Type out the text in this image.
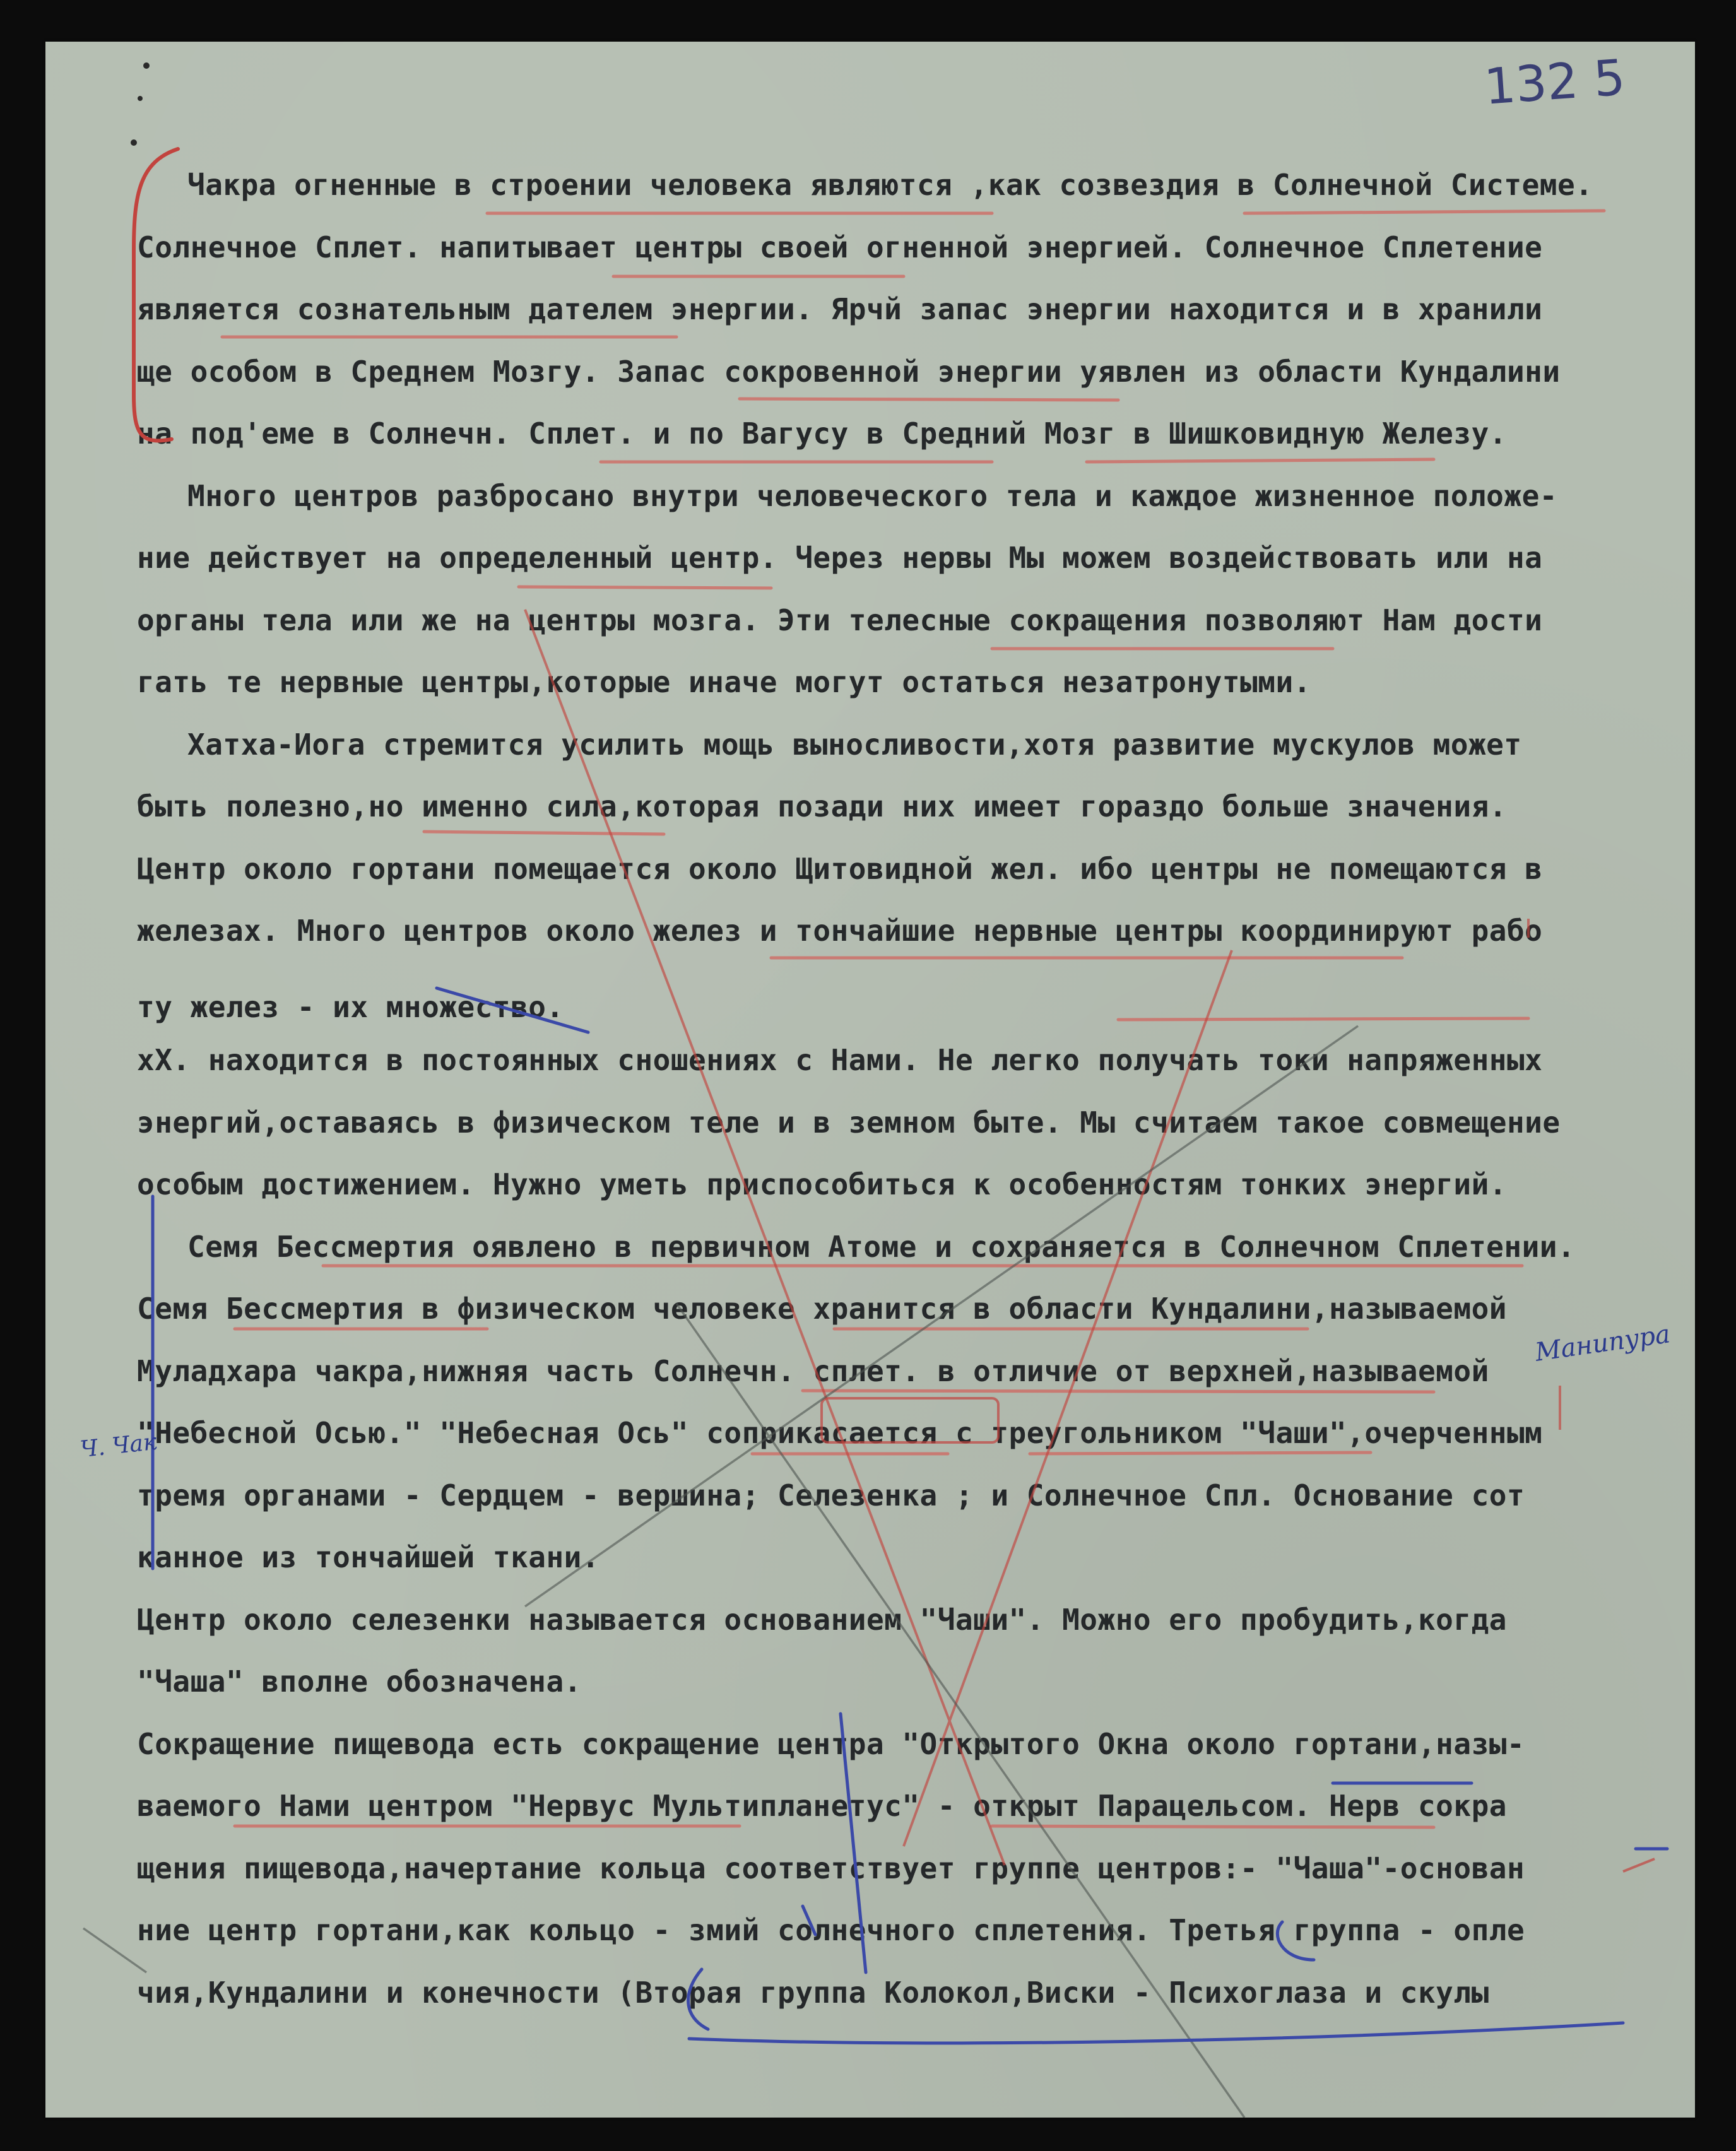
132 5

Чакра огненные в строении человека являются ,как созвездия в Солнечной Системе.

Солнечное Сплет. напитывает центры своей огненной энергией. Солнечное Сплетение

является сознательным дателем энергии. Ярчй запас энергии находится и в хранили

ще особом в Среднем Мозгу. Запас сокровенной энергии уявлен из области Кундалини

на под'еме в Солнечн. Сплет. и по Вагусу в Средний Мозг в Шишковидную Железу.

Много центров разбросано внутри человеческого тела и каждое жизненное положе-

ние действует на определенный центр. Через нервы Мы можем воздействовать или на

органы тела или же на центры мозга. Эти телесные сокращения позволяют Нам дости

гать те нервные центры,которые иначе могут остаться незатронутыми.

Хатха-Иога стремится усилить мощь выносливости,хотя развитие мускулов может

быть полезно,но именно сила,которая позади них имеет гораздо больше значения.

Центр около гортани помещается около Щитовидной жел. ибо центры не помещаются в

железах. Много центров около желез и тончайшие нервные центры координируют рабо

ту желез - их множество.

хХ. находится в постоянных сношениях с Нами. Не легко получать токи напряженных

энергий,оставаясь в физическом теле и в земном быте. Мы считаем такое совмещение

особым достижением. Нужно уметь приспособиться к особенностям тонких энергий.

Семя Бессмертия оявлено в первичном Атоме и сохраняется в Солнечном Сплетении.

Семя Бессмертия в физическом человеке хранится в области Кундалини,называемой

Муладхара чакра,нижняя часть Солнечн. сплет. в отличие от верхней,называемой

"Небесной Осью." "Небесная Ось" соприкасается с треугольником "Чаши",очерченным

тремя органами - Сердцем - вершина; Селезенка ; и Солнечное Спл. Основание сот

канное из тончайшей ткани.

Центр около селезенки называется основанием "Чаши". Можно его пробудить,когда

"Чаша" вполне обозначена.

Сокращение пищевода есть сокращение центра "Открытого Окна около гортани,назы-

ваемого Нами центром "Нервус Мультипланетус" - открыт Парацельсом. Нерв сокра

щения пищевода,начертание кольца соответствует группе центров:- "Чаша"-основан

ние центр гортани,как кольцо - змий солнечного сплетения. Третья группа - опле

чия,Кундалини и конечности (Вторая группа Колокол,Виски - Психоглаза и скулы

Манипура

Ч. Чак
